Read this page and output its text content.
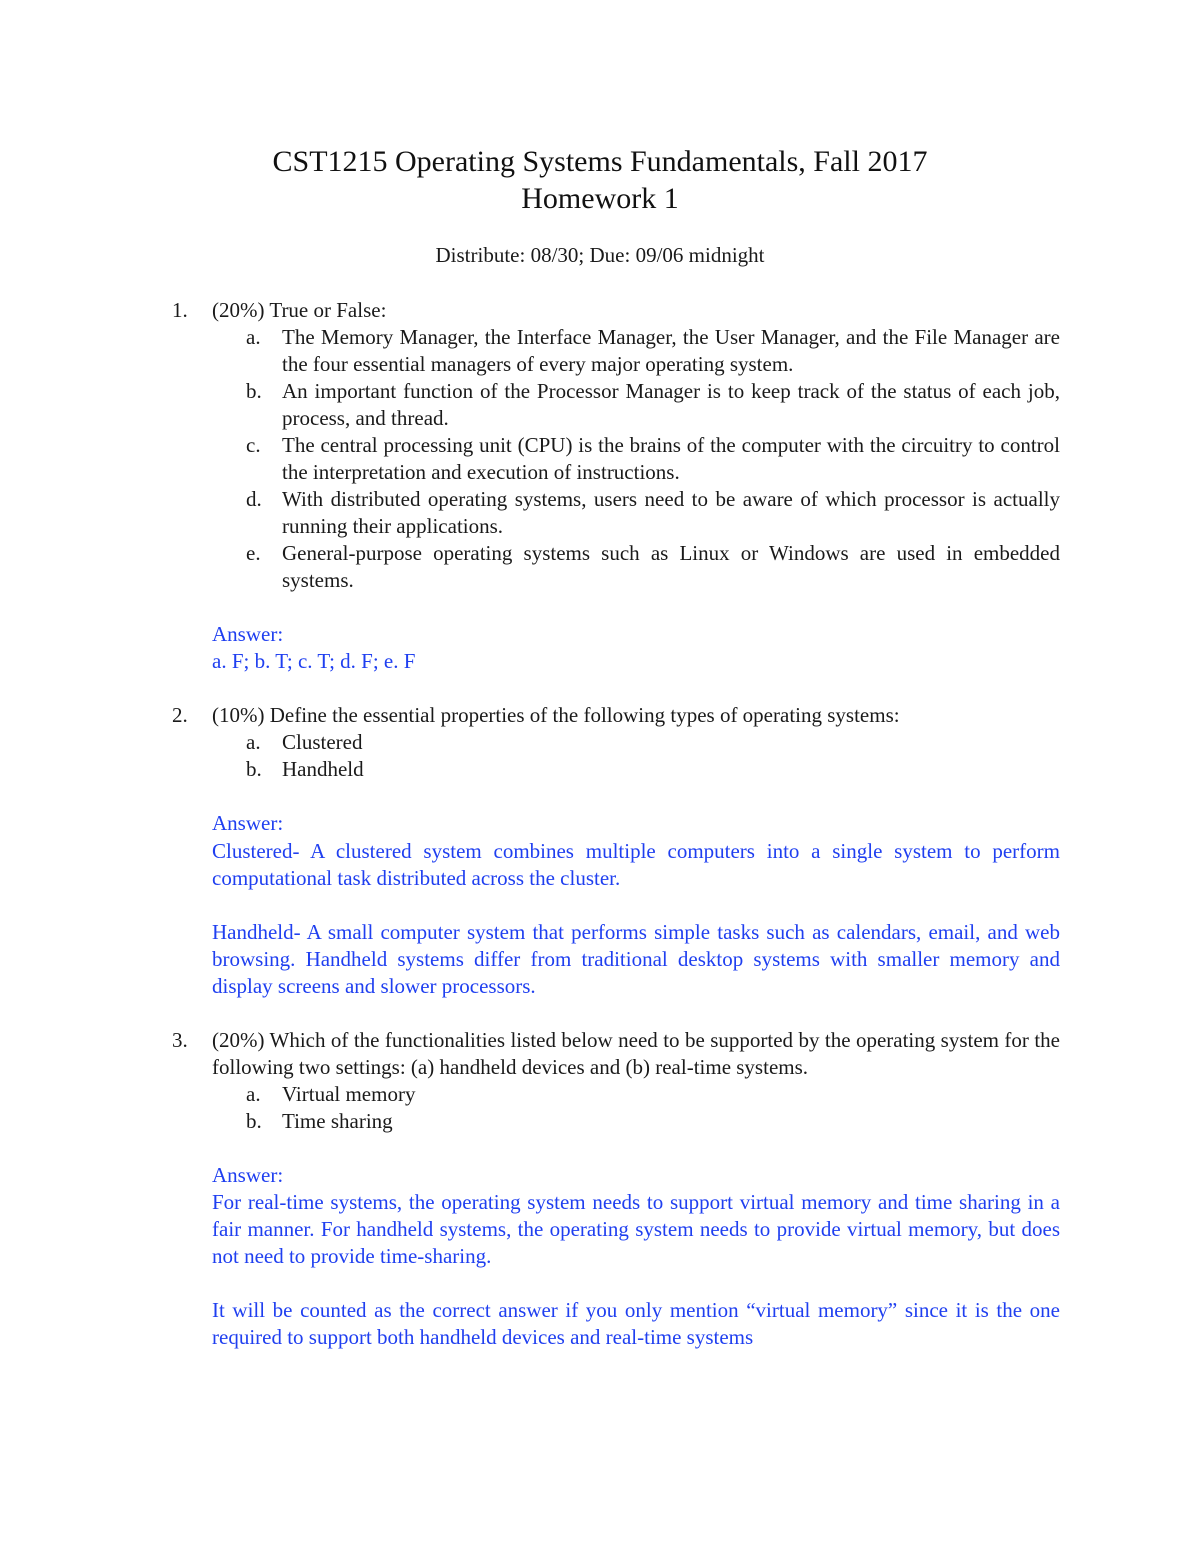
CST1215 Operating Systems Fundamentals, Fall 2017
Homework 1
Distribute: 08/30; Due: 09/06 midnight
1. (20%) True or False:
a. The Memory Manager, the Interface Manager, the User Manager, and the File Manager are the four essential managers of every major operating system.
b. An important function of the Processor Manager is to keep track of the status of each job, process, and thread.
c. The central processing unit (CPU) is the brains of the computer with the circuitry to control the interpretation and execution of instructions.
d. With distributed operating systems, users need to be aware of which processor is actually running their applications.
e. General-purpose operating systems such as Linux or Windows are used in embedded systems.
Answer:
a. F; b. T; c. T; d. F; e. F
2. (10%) Define the essential properties of the following types of operating systems:
a. Clustered
b. Handheld
Answer:
Clustered- A clustered system combines multiple computers into a single system to perform computational task distributed across the cluster.
Handheld- A small computer system that performs simple tasks such as calendars, email, and web browsing. Handheld systems differ from traditional desktop systems with smaller memory and display screens and slower processors.
3. (20%) Which of the functionalities listed below need to be supported by the operating system for the following two settings: (a) handheld devices and (b) real-time systems.
a. Virtual memory
b. Time sharing
Answer:
For real-time systems, the operating system needs to support virtual memory and time sharing in a fair manner. For handheld systems, the operating system needs to provide virtual memory, but does not need to provide time-sharing.
It will be counted as the correct answer if you only mention “virtual memory” since it is the one required to support both handheld devices and real-time systems
